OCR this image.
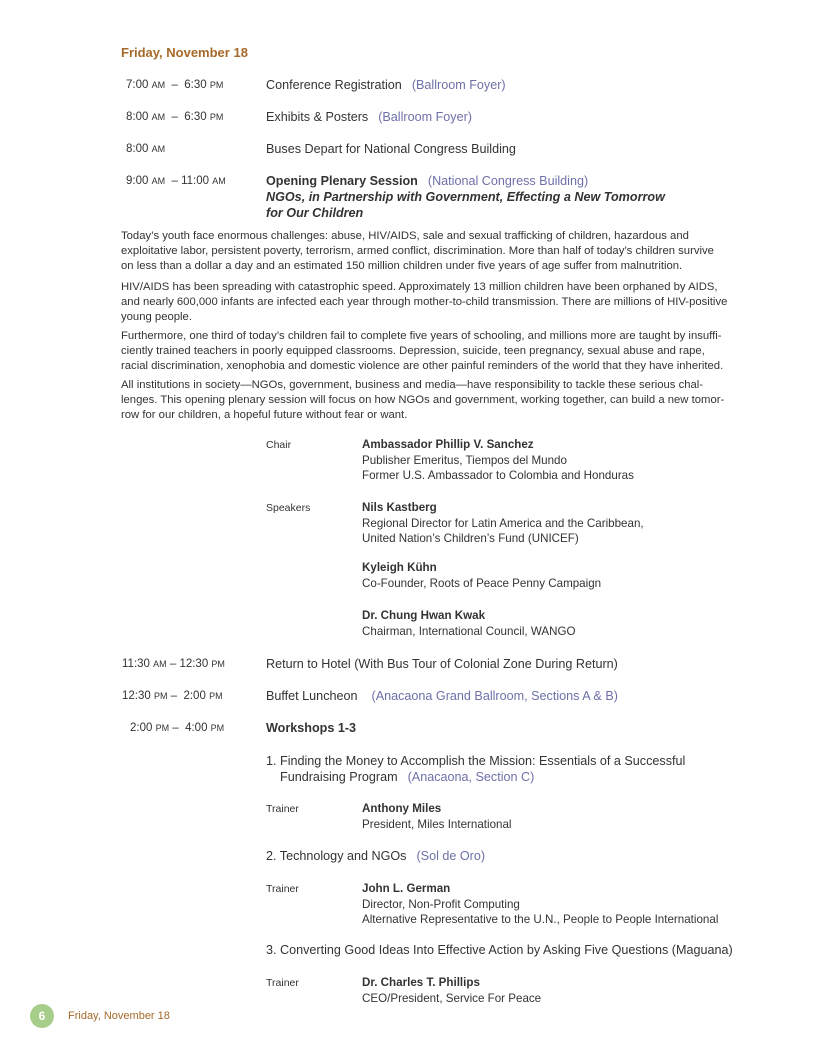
Friday, November 18
7:00 AM  –  6:30 PM	Conference Registration (Ballroom Foyer)
8:00 AM  –  6:30 PM	Exhibits & Posters (Ballroom Foyer)
8:00 AM	Buses Depart for National Congress Building
9:00 AM  – 11:00 AM	Opening Plenary Session (National Congress Building)
NGOs, in Partnership with Government, Effecting a New Tomorrow
for Our Children
Today’s youth face enormous challenges: abuse, HIV/AIDS, sale and sexual trafficking of children, hazardous and
exploitative labor, persistent poverty, terrorism, armed conflict, discrimination. More than half of today’s children survive
on less than a dollar a day and an estimated 150 million children under five years of age suffer from malnutrition.
HIV/AIDS has been spreading with catastrophic speed. Approximately 13 million children have been orphaned by AIDS,
and nearly 600,000 infants are infected each year through mother-to-child transmission. There are millions of HIV-positive
young people.
Furthermore, one third of today’s children fail to complete five years of schooling, and millions more are taught by insuffi-
ciently trained teachers in poorly equipped classrooms. Depression, suicide, teen pregnancy, sexual abuse and rape,
racial discrimination, xenophobia and domestic violence are other painful reminders of the world that they have inherited.
All institutions in society—NGOs, government, business and media—have responsibility to tackle these serious chal-
lenges. This opening plenary session will focus on how NGOs and government, working together, can build a new tomor-
row for our children, a hopeful future without fear or want.
Chair	Ambassador Phillip V. Sanchez
Publisher Emeritus, Tiempos del Mundo
Former U.S. Ambassador to Colombia and Honduras
Speakers	Nils Kastberg
Regional Director for Latin America and the Caribbean,
United Nation’s Children’s Fund (UNICEF)
Kyleigh Kühn
Co-Founder, Roots of Peace Penny Campaign
Dr. Chung Hwan Kwak
Chairman, International Council, WANGO
11:30 AM – 12:30 PM	Return to Hotel (With Bus Tour of Colonial Zone During Return)
12:30 PM –  2:00 PM	Buffet Luncheon (Anacaona Grand Ballroom, Sections A & B)
2:00 PM –  4:00 PM	Workshops 1-3
1. Finding the Money to Accomplish the Mission: Essentials of a Successful
Fundraising Program (Anacaona, Section C)
Trainer	Anthony Miles
President, Miles International
2. Technology and NGOs (Sol de Oro)
Trainer	John L. German
Director, Non-Profit Computing
Alternative Representative to the U.N., People to People International
3. Converting Good Ideas Into Effective Action by Asking Five Questions (Maguana)
Trainer	Dr. Charles T. Phillips
CEO/President, Service For Peace
6	Friday, November 18
